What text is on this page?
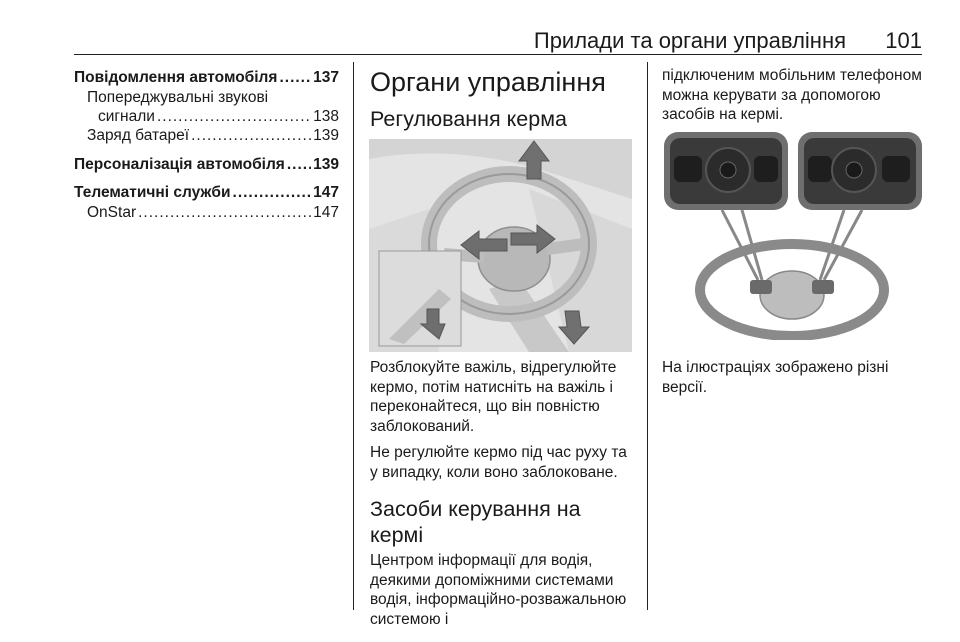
Прилади та органи управління 101
Повідомлення автомобіля ..... 137
Попереджувальні звукові
сигнали .....	138
Заряд батареї .....	139
Персоналізація автомобіля ..... 139
Телематичні служби .....	147
OnStar .....	147
Органи управління
Регулювання керма

Розблокуйте важіль, відрегулюйте кермо, потім натисніть на важіль і переконайтеся, що він повністю заблокований.

Не регулюйте кермо під час руху та у випадку, коли воно заблоковане.

Засоби керування на кермі

Центром інформації для водія, деякими допоміжними системами водія, інформаційно-розважальною системою і

підключеним мобільним телефоном можна керувати за допомогою засобів на кермі.

На ілюстраціях зображено різні версії.
